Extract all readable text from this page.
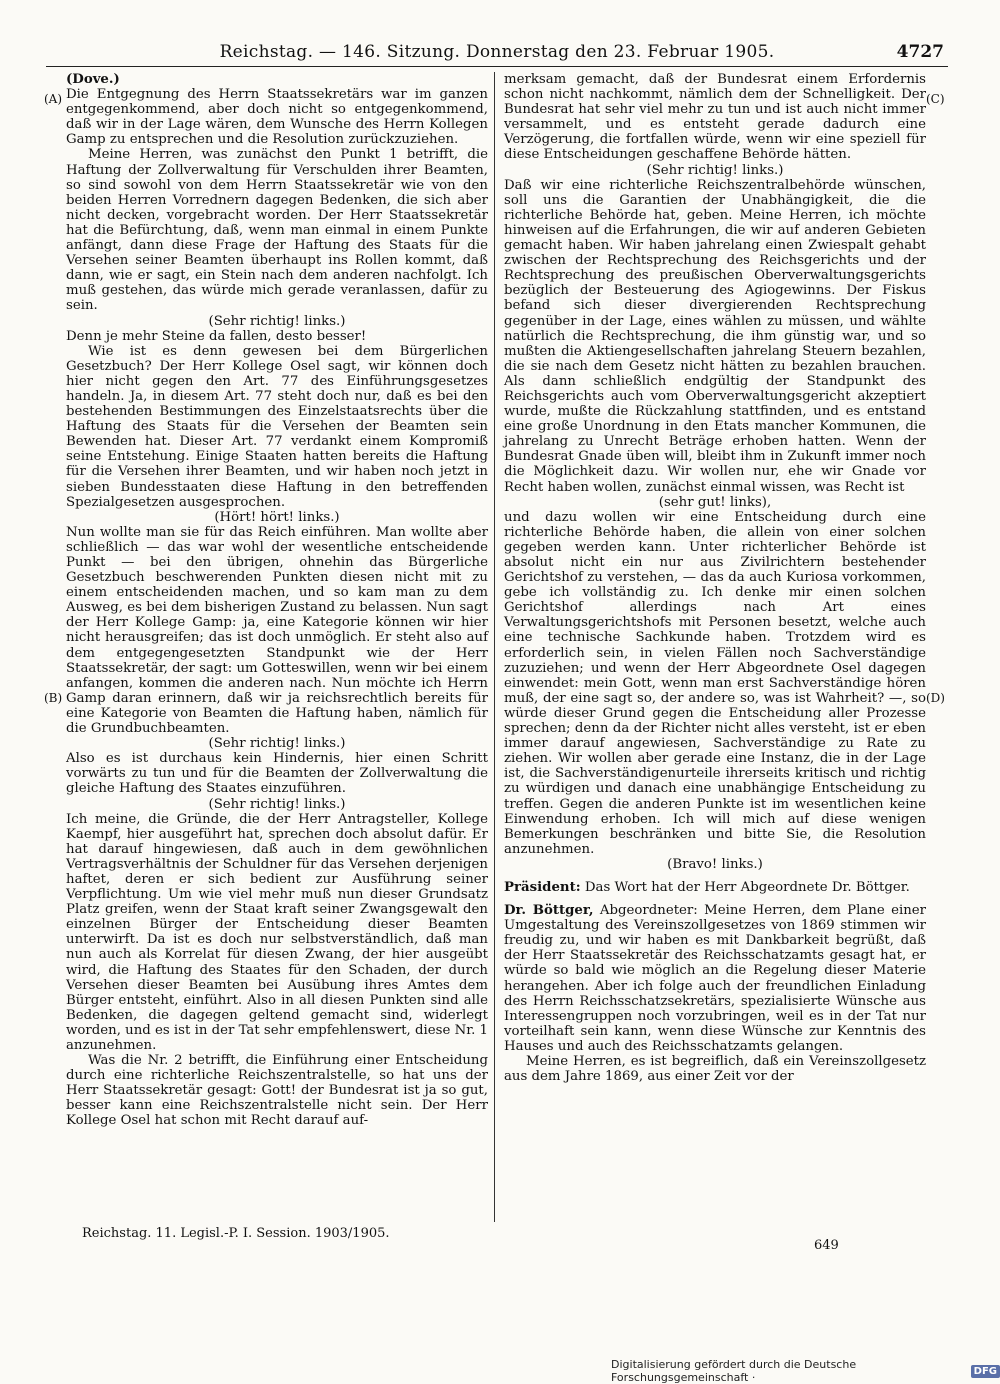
Reichstag. — 146. Sitzung. Donnerstag den 23. Februar 1905.	4727
(A)
(B)
(C)
(D)

(Dove.)

Die Entgegnung des Herrn Staatssekretärs war im ganzen entgegenkommend, aber doch nicht so entgegenkommend, daß wir in der Lage wären, dem Wunsche des Herrn Kollegen Gamp zu entsprechen und die Resolution zurückzuziehen.

Meine Herren, was zunächst den Punkt 1 betrifft, die Haftung der Zollverwaltung für Verschulden ihrer Beamten, so sind sowohl von dem Herrn Staatssekretär wie von den beiden Herren Vorrednern dagegen Bedenken, die sich aber nicht decken, vorgebracht worden. Der Herr Staatssekretär hat die Befürchtung, daß, wenn man einmal in einem Punkte anfängt, dann diese Frage der Haftung des Staats für die Versehen seiner Beamten überhaupt ins Rollen kommt, daß dann, wie er sagt, ein Stein nach dem anderen nachfolgt. Ich muß gestehen, das würde mich gerade veranlassen, dafür zu sein.

(Sehr richtig! links.)

Denn je mehr Steine da fallen, desto besser!

Wie ist es denn gewesen bei dem Bürgerlichen Gesetzbuch? Der Herr Kollege Osel sagt, wir können doch hier nicht gegen den Art. 77 des Einführungsgesetzes handeln. Ja, in diesem Art. 77 steht doch nur, daß es bei den bestehenden Bestimmungen des Einzelstaatsrechts über die Haftung des Staats für die Versehen der Beamten sein Bewenden hat. Dieser Art. 77 verdankt einem Kompromiß seine Entstehung. Einige Staaten hatten bereits die Haftung für die Versehen ihrer Beamten, und wir haben noch jetzt in sieben Bundesstaaten diese Haftung in den betreffenden Spezialgesetzen ausgesprochen.

(Hört! hört! links.)

Nun wollte man sie für das Reich einführen. Man wollte aber schließlich — das war wohl der wesentliche entscheidende Punkt — bei den übrigen, ohnehin das Bürgerliche Gesetzbuch beschwerenden Punkten diesen nicht mit zu einem entscheidenden machen, und so kam man zu dem Ausweg, es bei dem bisherigen Zustand zu belassen. Nun sagt der Herr Kollege Gamp: ja, eine Kategorie können wir hier nicht herausgreifen; das ist doch unmöglich. Er steht also auf dem entgegengesetzten Standpunkt wie der Herr Staatssekretär, der sagt: um Gotteswillen, wenn wir bei einem anfangen, kommen die anderen nach. Nun möchte ich Herrn Gamp daran erinnern, daß wir ja reichsrechtlich bereits für eine Kategorie von Beamten die Haftung haben, nämlich für die Grundbuchbeamten.

(Sehr richtig! links.)

Also es ist durchaus kein Hindernis, hier einen Schritt vorwärts zu tun und für die Beamten der Zollverwaltung die gleiche Haftung des Staates einzuführen.

(Sehr richtig! links.)

Ich meine, die Gründe, die der Herr Antragsteller, Kollege Kaempf, hier ausgeführt hat, sprechen doch absolut dafür. Er hat darauf hingewiesen, daß auch in dem gewöhnlichen Vertragsverhältnis der Schuldner für das Versehen derjenigen haftet, deren er sich bedient zur Ausführung seiner Verpflichtung. Um wie viel mehr muß nun dieser Grundsatz Platz greifen, wenn der Staat kraft seiner Zwangsgewalt den einzelnen Bürger der Entscheidung dieser Beamten unterwirft. Da ist es doch nur selbstverständlich, daß man nun auch als Korrelat für diesen Zwang, der hier ausgeübt wird, die Haftung des Staates für den Schaden, der durch Versehen dieser Beamten bei Ausübung ihres Amtes dem Bürger entsteht, einführt. Also in all diesen Punkten sind alle Bedenken, die dagegen geltend gemacht sind, widerlegt worden, und es ist in der Tat sehr empfehlenswert, diese Nr. 1 anzunehmen.

Was die Nr. 2 betrifft, die Einführung einer Entscheidung durch eine richterliche Reichszentralstelle, so hat uns der Herr Staatssekretär gesagt: Gott! der Bundesrat ist ja so gut, besser kann eine Reichszentralstelle nicht sein. Der Herr Kollege Osel hat schon mit Recht darauf auf-

merksam gemacht, daß der Bundesrat einem Erfordernis schon nicht nachkommt, nämlich dem der Schnelligkeit. Der Bundesrat hat sehr viel mehr zu tun und ist auch nicht immer versammelt, und es entsteht gerade dadurch eine Verzögerung, die fortfallen würde, wenn wir eine speziell für diese Entscheidungen geschaffene Behörde hätten.

(Sehr richtig! links.)

Daß wir eine richterliche Reichszentralbehörde wünschen, soll uns die Garantien der Unabhängigkeit, die die richterliche Behörde hat, geben. Meine Herren, ich möchte hinweisen auf die Erfahrungen, die wir auf anderen Gebieten gemacht haben. Wir haben jahrelang einen Zwiespalt gehabt zwischen der Rechtsprechung des Reichsgerichts und der Rechtsprechung des preußischen Oberverwaltungsgerichts bezüglich der Besteuerung des Agiogewinns. Der Fiskus befand sich dieser divergierenden Rechtsprechung gegenüber in der Lage, eines wählen zu müssen, und wählte natürlich die Rechtsprechung, die ihm günstig war, und so mußten die Aktiengesellschaften jahrelang Steuern bezahlen, die sie nach dem Gesetz nicht hätten zu bezahlen brauchen. Als dann schließlich endgültig der Standpunkt des Reichsgerichts auch vom Oberverwaltungsgericht akzeptiert wurde, mußte die Rückzahlung stattfinden, und es entstand eine große Unordnung in den Etats mancher Kommunen, die jahrelang zu Unrecht Beträge erhoben hatten. Wenn der Bundesrat Gnade üben will, bleibt ihm in Zukunft immer noch die Möglichkeit dazu. Wir wollen nur, ehe wir Gnade vor Recht haben wollen, zunächst einmal wissen, was Recht ist

(sehr gut! links),

und dazu wollen wir eine Entscheidung durch eine richterliche Behörde haben, die allein von einer solchen gegeben werden kann. Unter richterlicher Behörde ist absolut nicht ein nur aus Zivilrichtern bestehender Gerichtshof zu verstehen, — das da auch Kuriosa vorkommen, gebe ich vollständig zu. Ich denke mir einen solchen Gerichtshof allerdings nach Art eines Verwaltungsgerichtshofs mit Personen besetzt, welche auch eine technische Sachkunde haben. Trotzdem wird es erforderlich sein, in vielen Fällen noch Sachverständige zuzuziehen; und wenn der Herr Abgeordnete Osel dagegen einwendet: mein Gott, wenn man erst Sachverständige hören muß, der eine sagt so, der andere so, was ist Wahrheit? —, so würde dieser Grund gegen die Entscheidung aller Prozesse sprechen; denn da der Richter nicht alles versteht, ist er eben immer darauf angewiesen, Sachverständige zu Rate zu ziehen. Wir wollen aber gerade eine Instanz, die in der Lage ist, die Sachverständigenurteile ihrerseits kritisch und richtig zu würdigen und danach eine unabhängige Entscheidung zu treffen. Gegen die anderen Punkte ist im wesentlichen keine Einwendung erhoben. Ich will mich auf diese wenigen Bemerkungen beschränken und bitte Sie, die Resolution anzunehmen.

(Bravo! links.)

Präsident: Das Wort hat der Herr Abgeordnete Dr. Böttger.

Dr. Böttger, Abgeordneter: Meine Herren, dem Plane einer Umgestaltung des Vereinszollgesetzes von 1869 stimmen wir freudig zu, und wir haben es mit Dankbarkeit begrüßt, daß der Herr Staatssekretär des Reichsschatzamts gesagt hat, er würde so bald wie möglich an die Regelung dieser Materie herangehen. Aber ich folge auch der freundlichen Einladung des Herrn Reichsschatzsekretärs, spezialisierte Wünsche aus Interessengruppen noch vorzubringen, weil es in der Tat nur vorteilhaft sein kann, wenn diese Wünsche zur Kenntnis des Hauses und auch des Reichsschatzamts gelangen.

Meine Herren, es ist begreiflich, daß ein Vereinszollgesetz aus dem Jahre 1869, aus einer Zeit vor der

Reichstag. 11. Legisl.-P. I. Session. 1903/1905.
649
Digitalisierung gefördert durch die Deutsche Forschungsgemeinschaft ·	DFG
